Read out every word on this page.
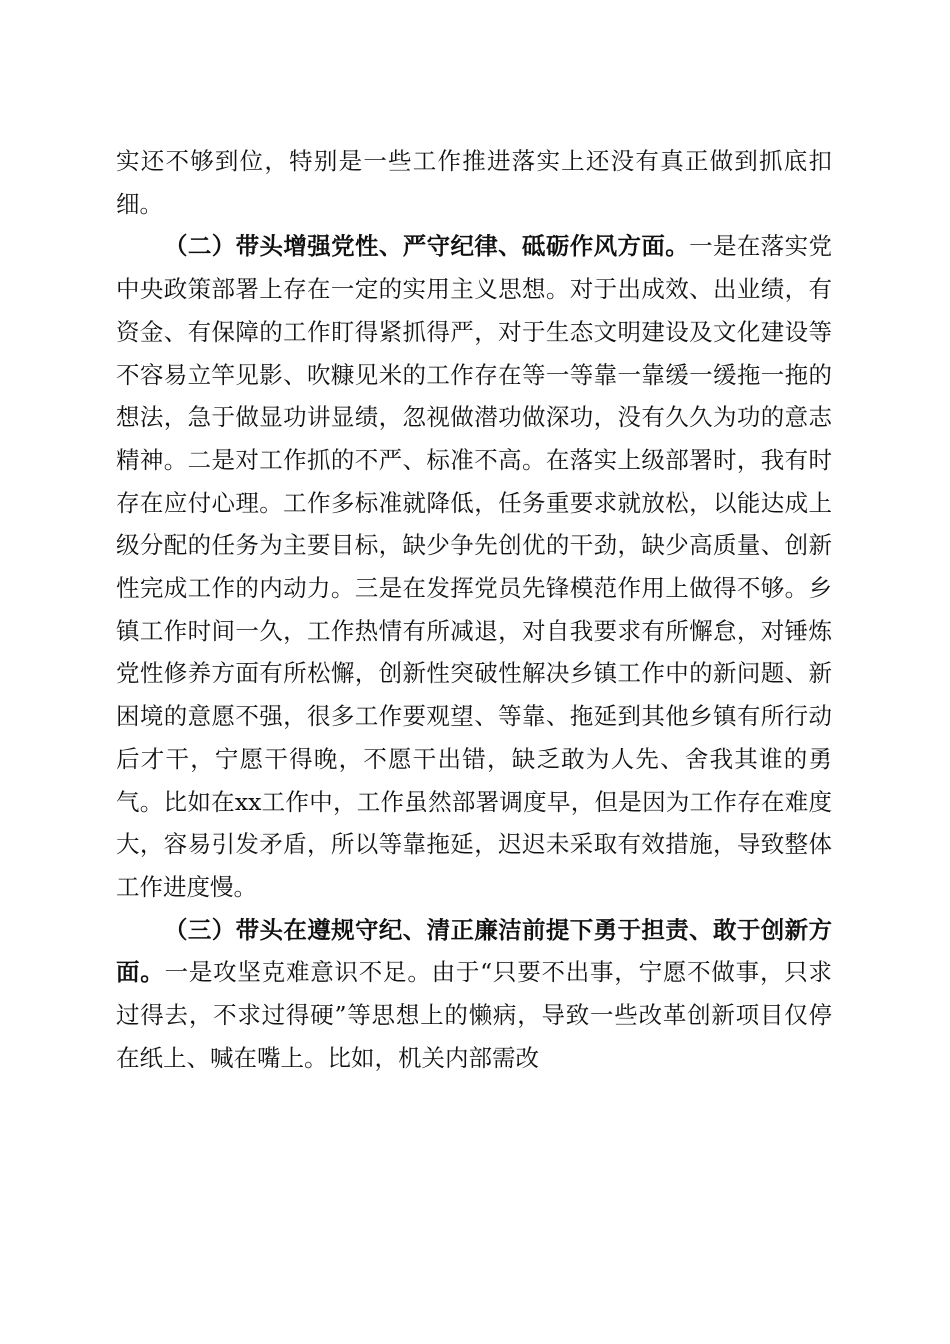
实还不够到位，特别是一些工作推进落实上还没有真正做到抓底扣细。

（二）带头增强党性、严守纪律、砥砺作风方面。一是在落实党中央政策部署上存在一定的实用主义思想。对于出成效、出业绩，有资金、有保障的工作盯得紧抓得严，对于生态文明建设及文化建设等不容易立竿见影、吹糠见米的工作存在等一等靠一靠缓一缓拖一拖的想法，急于做显功讲显绩，忽视做潜功做深功，没有久久为功的意志精神。二是对工作抓的不严、标准不高。在落实上级部署时，我有时存在应付心理。工作多标准就降低，任务重要求就放松，以能达成上级分配的任务为主要目标，缺少争先创优的干劲，缺少高质量、创新性完成工作的内动力。三是在发挥党员先锋模范作用上做得不够。乡镇工作时间一久，工作热情有所减退，对自我要求有所懈怠，对锤炼党性修养方面有所松懈，创新性突破性解决乡镇工作中的新问题、新困境的意愿不强，很多工作要观望、等靠、拖延到其他乡镇有所行动后才干，宁愿干得晚，不愿干出错，缺乏敢为人先、舍我其谁的勇气。比如在xx工作中，工作虽然部署调度早，但是因为工作存在难度大，容易引发矛盾，所以等靠拖延，迟迟未采取有效措施，导致整体工作进度慢。

（三）带头在遵规守纪、清正廉洁前提下勇于担责、敢于创新方面。一是攻坚克难意识不足。由于“只要不出事，宁愿不做事，只求过得去，不求过得硬”等思想上的懒病，导致一些改革创新项目仅停在纸上、喊在嘴上。比如，机关内部需改
